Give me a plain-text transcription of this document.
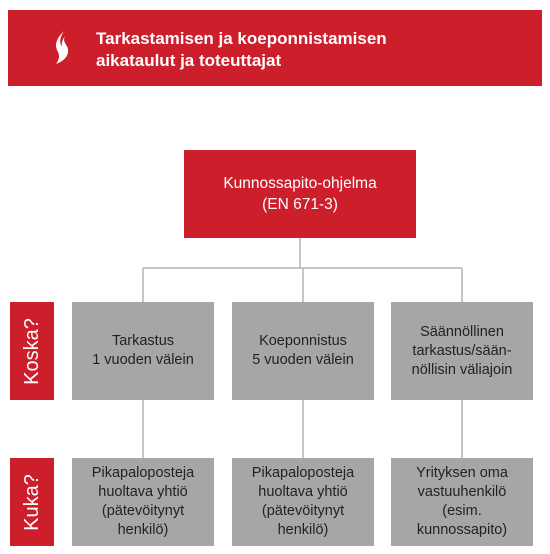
Tarkastamisen ja koeponnistamisen
aikataulut ja toteuttajat
Kunnossapito-ohjelma
(EN 671-3)
Koska?
Kuka?
Tarkastus
1 vuoden välein
Koeponnistus
5 vuoden välein
Säännöllinen
tarkastus/sään-
nöllisin väliajoin
Pikapaloposteja
huoltava yhtiö
(pätevöitynyt
henkilö)
Pikapaloposteja
huoltava yhtiö
(pätevöitynyt
henkilö)
Yrityksen oma
vastuuhenkilö
(esim.
kunnossapito)
